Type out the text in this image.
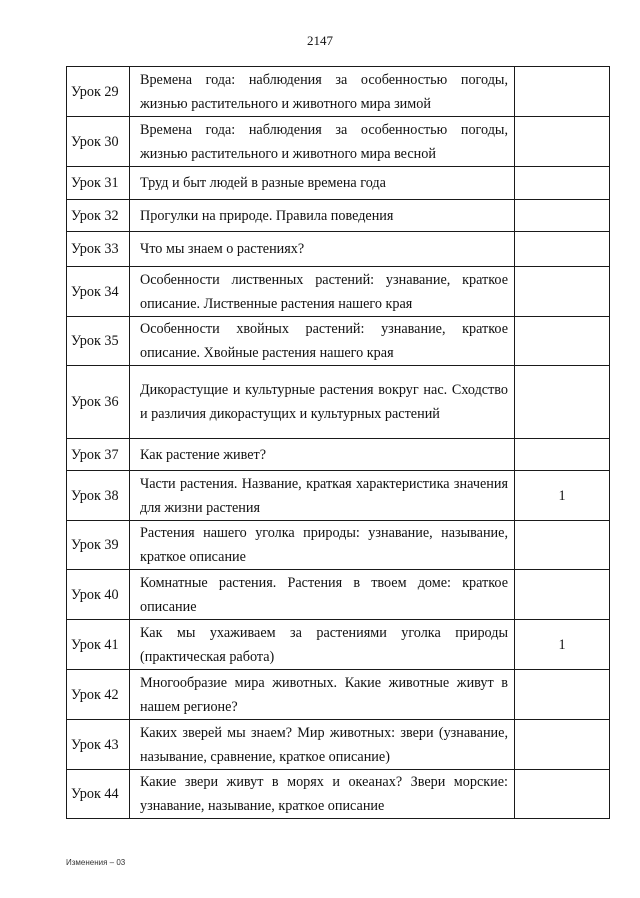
2147
Урок 29	Времена года: наблюдения за особенностью погоды, жизнью растительного и животного мира зимой	
Урок 30	Времена года: наблюдения за особенностью погоды, жизнью растительного и животного мира весной	
Урок 31	Труд и быт людей в разные времена года	
Урок 32	Прогулки на природе. Правила поведения	
Урок 33	Что мы знаем о растениях?	
Урок 34	Особенности лиственных растений: узнавание, краткое описание. Лиственные растения нашего края	
Урок 35	Особенности хвойных растений: узнавание, краткое описание. Хвойные растения нашего края	
Урок 36	Дикорастущие и культурные растения вокруг нас. Сходство и различия дикорастущих и культурных растений	
Урок 37	Как растение живет?	
Урок 38	Части растения. Название, краткая характеристика значения для жизни растения	1
Урок 39	Растения нашего уголка природы: узнавание, называние, краткое описание	
Урок 40	Комнатные растения. Растения в твоем доме: краткое описание	
Урок 41	Как мы ухаживаем за растениями уголка природы (практическая работа)	1
Урок 42	Многообразие мира животных. Какие животные живут в нашем регионе?	
Урок 43	Каких зверей мы знаем? Мир животных: звери (узнавание, называние, сравнение, краткое описание)	
Урок 44	Какие звери живут в морях и океанах? Звери морские: узнавание, называние, краткое описание	
Изменения – 03
